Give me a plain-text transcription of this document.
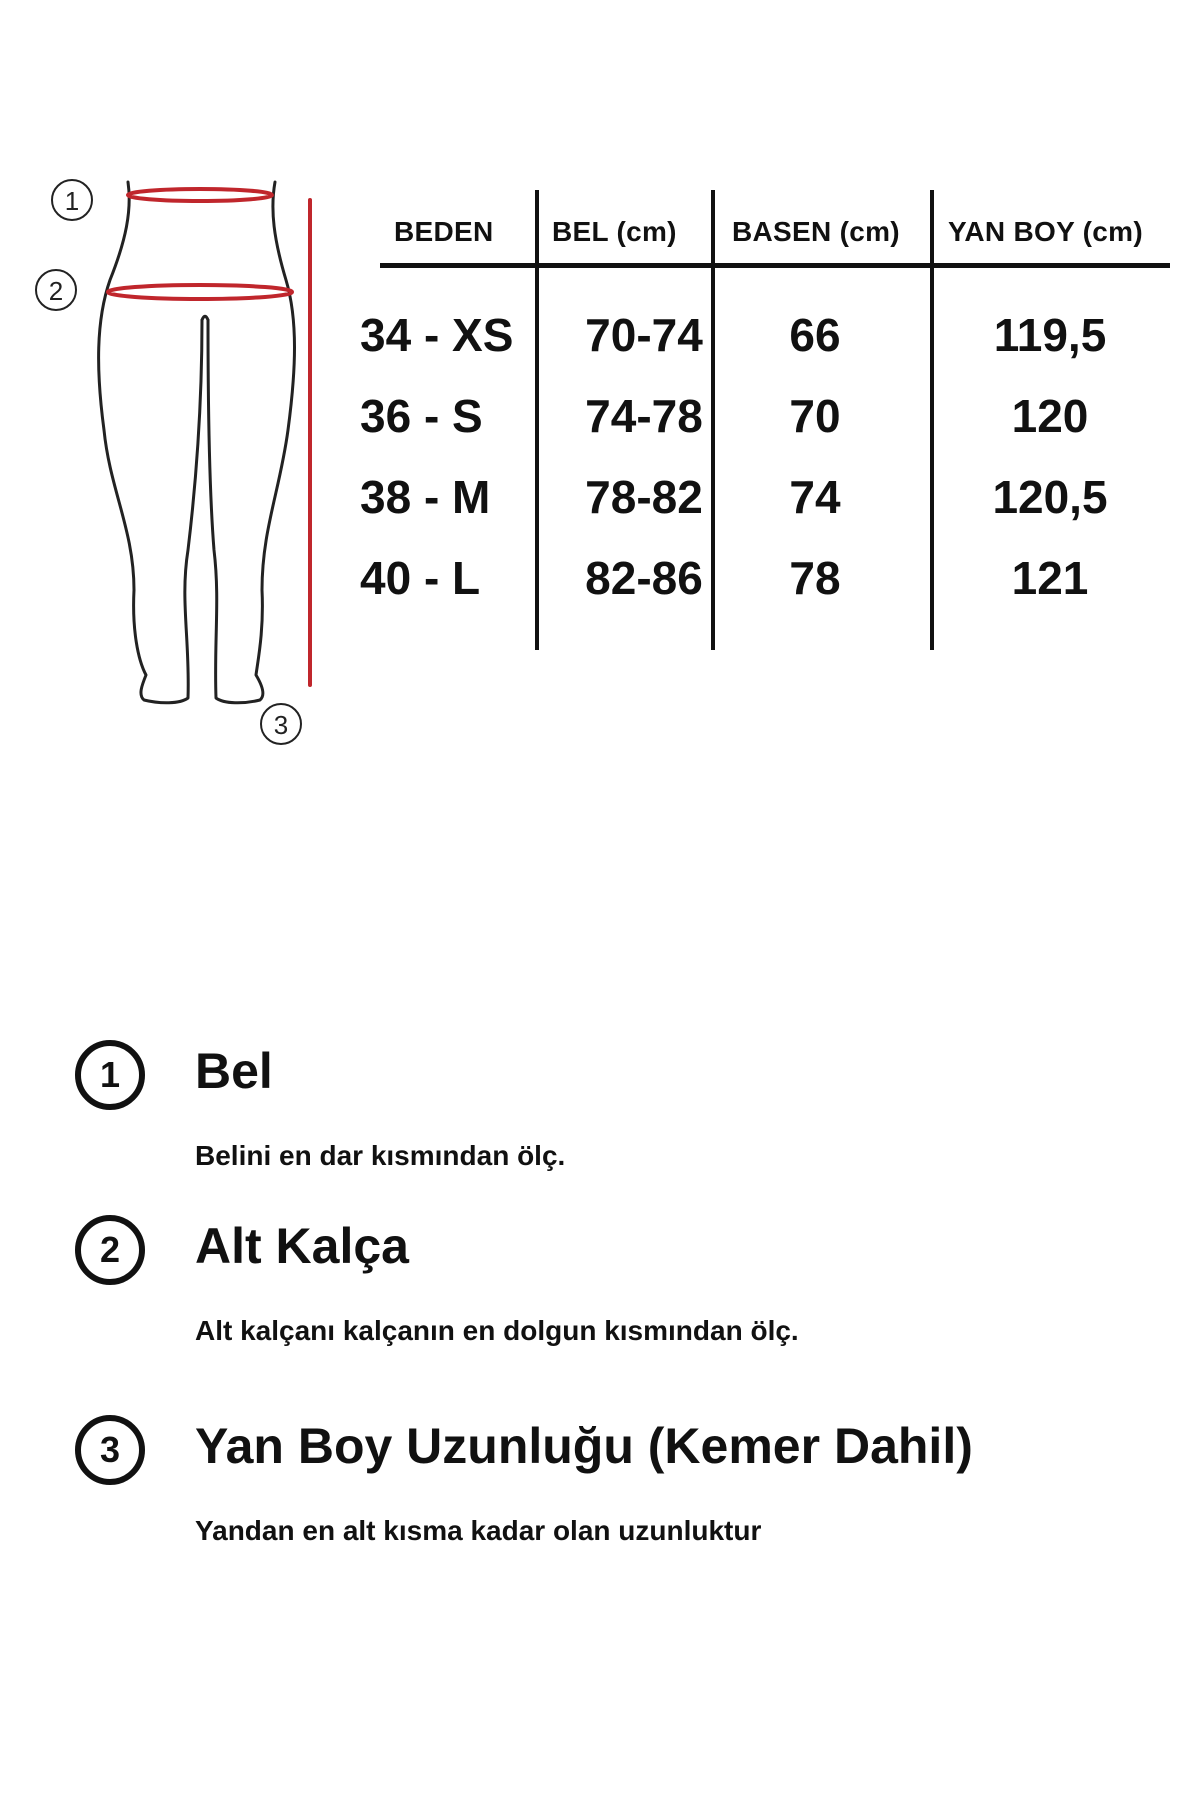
1
2
3
BEDEN BEL (cm) BASEN (cm) YAN BOY (cm)
34 - XS	70-74	66	119,5
36 - S	74-78	70	120
38 - M	78-82	74	120,5
40 - L	82-86	78	121
1	Bel
Belini en dar kısmından ölç.
2	Alt Kalça
Alt kalçanı kalçanın en dolgun kısmından ölç.
3	Yan Boy Uzunluğu (Kemer Dahil)
Yandan en alt kısma kadar olan uzunluktur
